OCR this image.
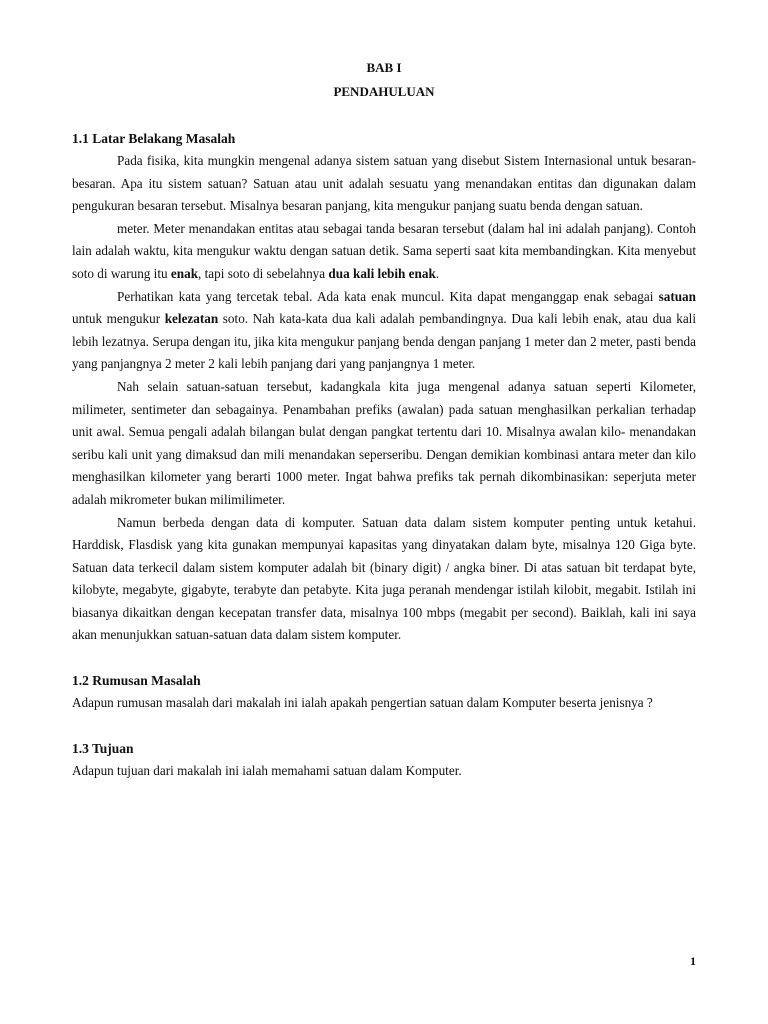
BAB I
PENDAHULUAN
1.1 Latar Belakang Masalah

Pada fisika, kita mungkin mengenal adanya sistem satuan yang disebut Sistem Internasional untuk besaran-besaran. Apa itu sistem satuan? Satuan atau unit adalah sesuatu yang menandakan entitas dan digunakan dalam pengukuran besaran tersebut. Misalnya besaran panjang, kita mengukur panjang suatu benda dengan satuan.

meter. Meter menandakan entitas atau sebagai tanda besaran tersebut (dalam hal ini adalah panjang). Contoh lain adalah waktu, kita mengukur waktu dengan satuan detik. Sama seperti saat kita membandingkan. Kita menyebut soto di warung itu enak, tapi soto di sebelahnya dua kali lebih enak.

Perhatikan kata yang tercetak tebal. Ada kata enak muncul. Kita dapat menganggap enak sebagai satuan untuk mengukur kelezatan soto. Nah kata-kata dua kali adalah pembandingnya. Dua kali lebih enak, atau dua kali lebih lezatnya. Serupa dengan itu, jika kita mengukur panjang benda dengan panjang 1 meter dan 2 meter, pasti benda yang panjangnya 2 meter 2 kali lebih panjang dari yang panjangnya 1 meter.

Nah selain satuan-satuan tersebut, kadangkala kita juga mengenal adanya satuan seperti Kilometer, milimeter, sentimeter dan sebagainya. Penambahan prefiks (awalan) pada satuan menghasilkan perkalian terhadap unit awal. Semua pengali adalah bilangan bulat dengan pangkat tertentu dari 10. Misalnya awalan kilo- menandakan seribu kali unit yang dimaksud dan mili menandakan seperseribu. Dengan demikian kombinasi antara meter dan kilo menghasilkan kilometer yang berarti 1000 meter. Ingat bahwa prefiks tak pernah dikombinasikan: seperjuta meter adalah mikrometer bukan milimilimeter.

Namun berbeda dengan data di komputer. Satuan data dalam sistem komputer penting untuk ketahui. Harddisk, Flasdisk yang kita gunakan mempunyai kapasitas yang dinyatakan dalam byte, misalnya 120 Giga byte. Satuan data terkecil dalam sistem komputer adalah bit (binary digit) / angka biner. Di atas satuan bit terdapat byte, kilobyte, megabyte, gigabyte, terabyte dan petabyte. Kita juga peranah mendengar istilah kilobit, megabit. Istilah ini biasanya dikaitkan dengan kecepatan transfer data, misalnya 100 mbps (megabit per second). Baiklah, kali ini saya akan menunjukkan satuan-satuan data dalam sistem komputer.

1.2 Rumusan Masalah

Adapun rumusan masalah dari makalah ini ialah apakah pengertian satuan dalam Komputer beserta jenisnya ?

1.3 Tujuan

Adapun tujuan dari makalah ini ialah memahami satuan dalam Komputer.

1
